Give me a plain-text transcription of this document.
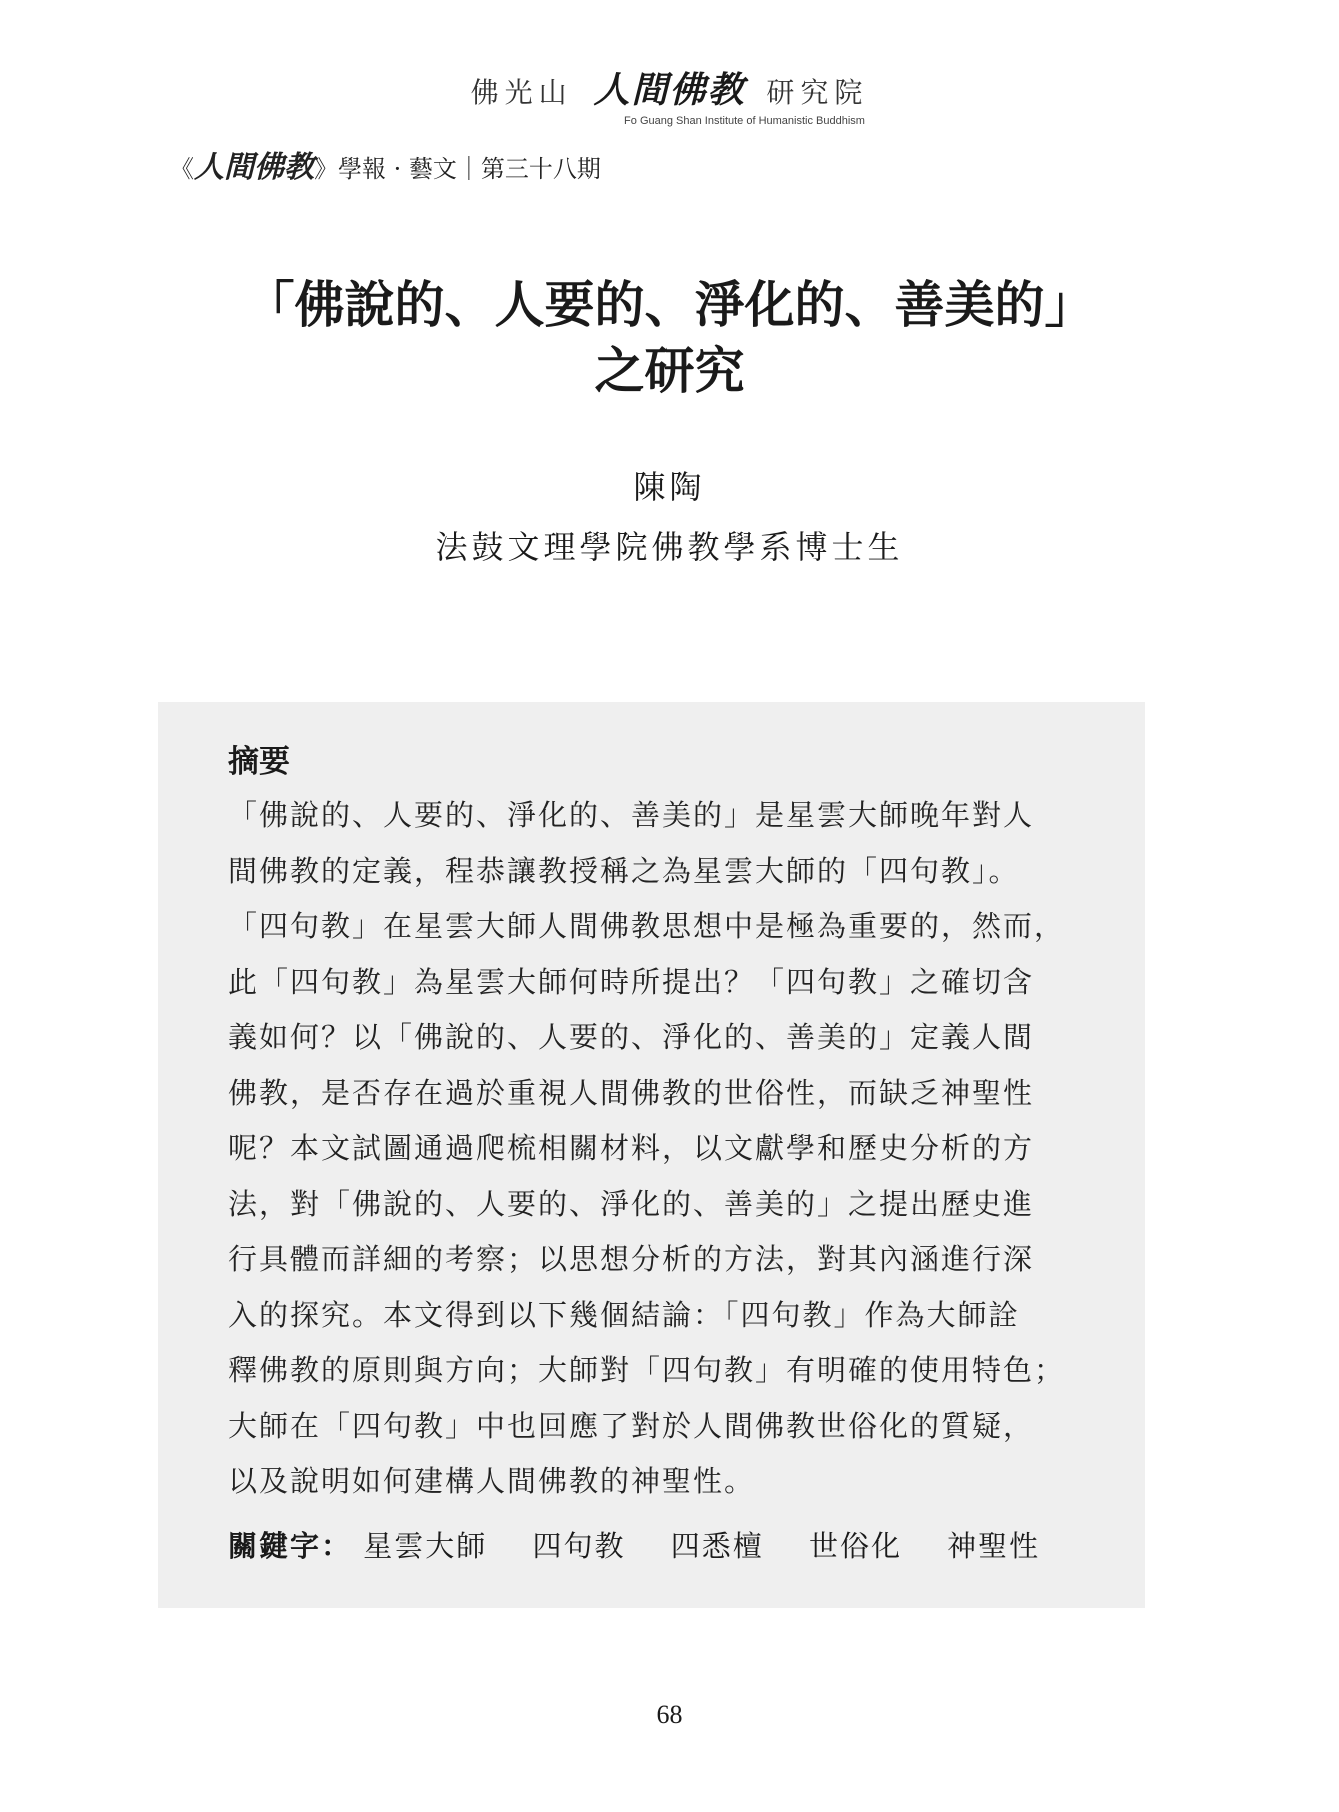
佛光山 人間佛教 研究院
Fo Guang Shan Institute of Humanistic Buddhism
《人間佛教》學報 · 藝文｜第三十八期
「佛說的、人要的、淨化的、善美的」
之研究
陳陶
法鼓文理學院佛教學系博士生
摘要
「佛說的、人要的、淨化的、善美的」是星雲大師晚年對人
間佛教的定義，程恭讓教授稱之為星雲大師的「四句教」。
「四句教」在星雲大師人間佛教思想中是極為重要的，然而，
此「四句教」為星雲大師何時所提出？「四句教」之確切含
義如何？以「佛說的、人要的、淨化的、善美的」定義人間
佛教，是否存在過於重視人間佛教的世俗性，而缺乏神聖性
呢？本文試圖通過爬梳相關材料，以文獻學和歷史分析的方
法，對「佛說的、人要的、淨化的、善美的」之提出歷史進
行具體而詳細的考察；以思想分析的方法，對其內涵進行深
入的探究。本文得到以下幾個結論：「四句教」作為大師詮
釋佛教的原則與方向；大師對「四句教」有明確的使用特色；
大師在「四句教」中也回應了對於人間佛教世俗化的質疑，
以及說明如何建構人間佛教的神聖性。
關鍵字： 星雲大師 四句教 四悉檀 世俗化 神聖性
68
